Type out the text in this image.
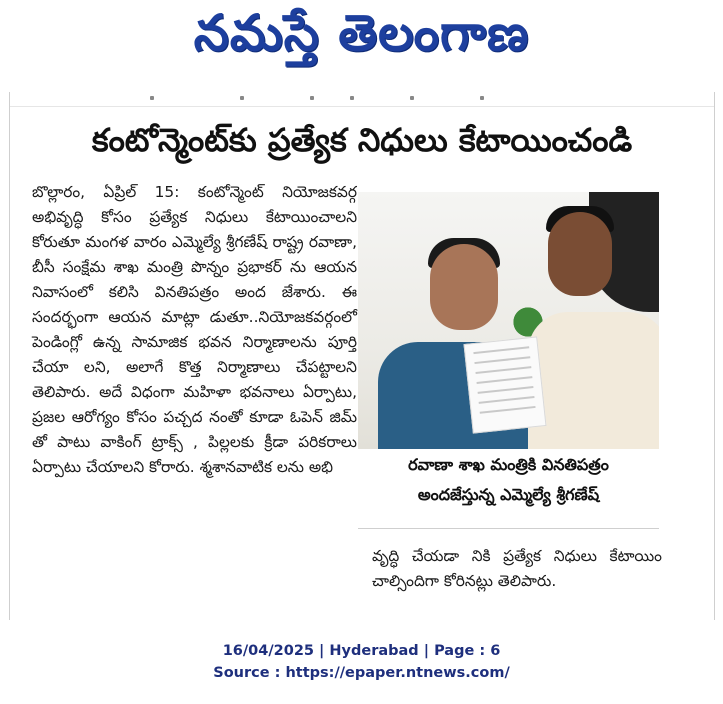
నమస్తే తెలంగాణ
కంటోన్మెంట్‌కు ప్రత్యేక నిధులు కేటాయించండి
బొల్లారం, ఏప్రిల్ 15: కంటోన్మెంట్ నియోజకవర్గ అభివృద్ధి కోసం ప్రత్యేక నిధులు కేటాయించాలని కోరుతూ మంగళ వారం ఎమ్మెల్యే శ్రీగణేష్ రాష్ట్ర రవాణా, బీసీ సంక్షేమ శాఖ మంత్రి పొన్నం ప్రభాకర్ ను ఆయన నివాసంలో కలిసి వినతిపత్రం అంద జేశారు. ఈ సందర్భంగా ఆయన మాట్లా డుతూ..నియోజకవర్గంలో పెండింగ్లో ఉన్న సామాజిక భవన నిర్మాణాలను పూర్తి చేయా లని, అలాగే కొత్త నిర్మాణాలు చేపట్టాలని తెలిపారు. అదే విధంగా మహిళా భవనాలు ఏర్పాటు, ప్రజల ఆరోగ్యం కోసం పచ్చద నంతో కూడా ఓపెన్ జిమ్ తో పాటు వాకింగ్ ట్రాక్స్ , పిల్లలకు క్రీడా పరికరాలు ఏర్పాటు చేయాలని కోరారు. శ్మశానవాటిక లను అభి	రవాణా శాఖ మంత్రికి వినతిపత్రం
అందజేస్తున్న ఎమ్మెల్యే శ్రీగణేష్
వృద్ధి చేయడా నికి ప్రత్యేక నిధులు కేటాయిం చాల్సిందిగా కోరినట్లు తెలిపారు.
16/04/2025 | Hyderabad | Page : 6
Source : https://epaper.ntnews.com/
